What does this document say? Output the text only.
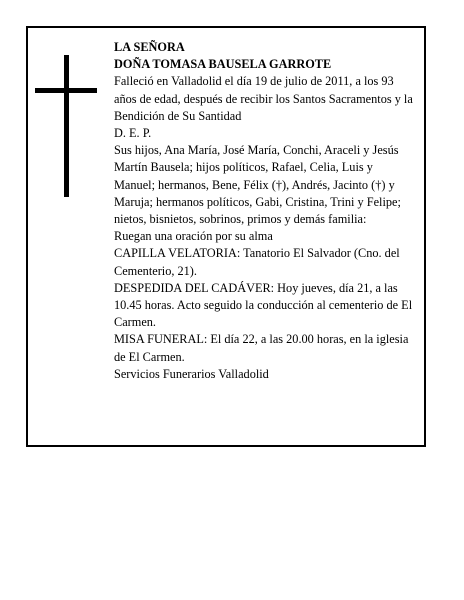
LA SEÑORA

DOÑA TOMASA BAUSELA GARROTE

Falleció en Valladolid el día 19 de julio de 2011, a los 93 años de edad, después de recibir los Santos Sacramentos y la Bendición de Su Santidad

D. E. P.

Sus hijos, Ana María, José María, Conchi, Araceli y Jesús Martín Bausela; hijos políticos, Rafael, Celia, Luis y Manuel; hermanos, Bene, Félix (†), Andrés, Jacinto (†) y Maruja; hermanos políticos, Gabi, Cristina, Trini y Felipe; nietos, bisnietos, sobrinos, primos y demás familia:

Ruegan una oración por su alma

CAPILLA VELATORIA: Tanatorio El Salvador (Cno. del Cementerio, 21).

DESPEDIDA DEL CADÁVER: Hoy jueves, día 21, a las 10.45 horas. Acto seguido la conducción al cementerio de El Carmen.

MISA FUNERAL: El día 22, a las 20.00 horas, en la iglesia de El Carmen.

Servicios Funerarios Valladolid
